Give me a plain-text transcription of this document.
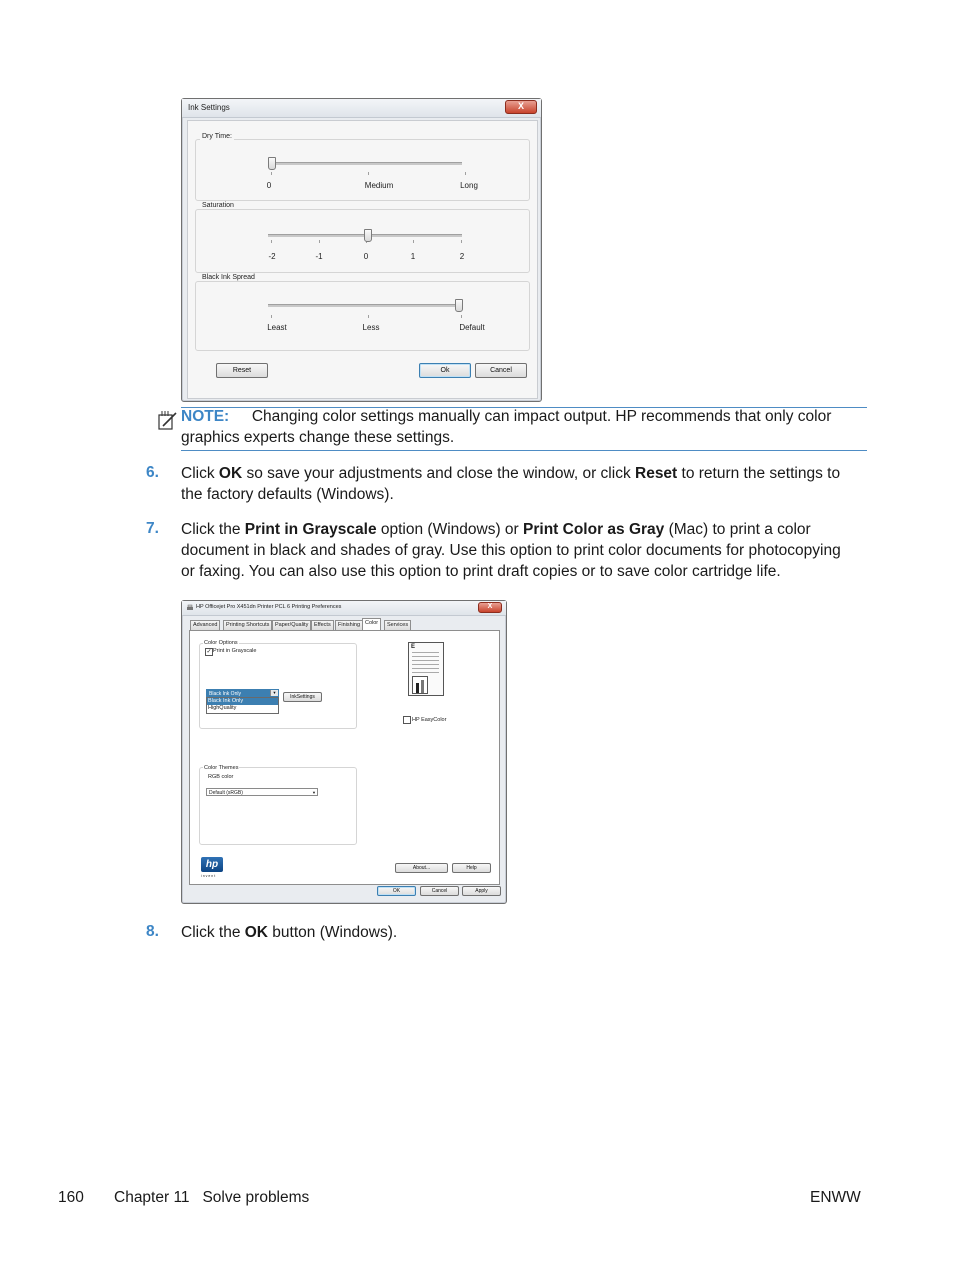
Ink Settings	X
Dry Time:
0	Medium	Long
Saturation
-2	-1	0	1	2
Black Ink Spread
Least	Less	Default
Reset	Ok	Cancel
NOTE: Changing color settings manually can impact output. HP recommends that only color
graphics experts change these settings.
6. Click OK so save your adjustments and close the window, or click Reset to return the settings to
the factory defaults (Windows).
7. Click the Print in Grayscale option (Windows) or Print Color as Gray (Mac) to print a color
document in black and shades of gray. Use this option to print color documents for photocopying
or faxing. You can also use this option to print draft copies or to save color cartridge life.
HP Officejet Pro X451dn Printer PCL 6 Printing Preferences	X
Advanced	Printing Shortcuts	Paper/Quality	Effects	Finishing Color	Services
Color Options
✓ Print in Grayscale
Black Ink Only	▼
Black Ink Only
HighQuality
InkSettings
E
HP EasyColor
Color Themes
RGB color
Default (sRGB)	▼
hp
i n v e n t
About...	Help
OK	Cancel	Apply
8. Click the OK button (Windows).
160 Chapter 11   Solve problems	ENWW
